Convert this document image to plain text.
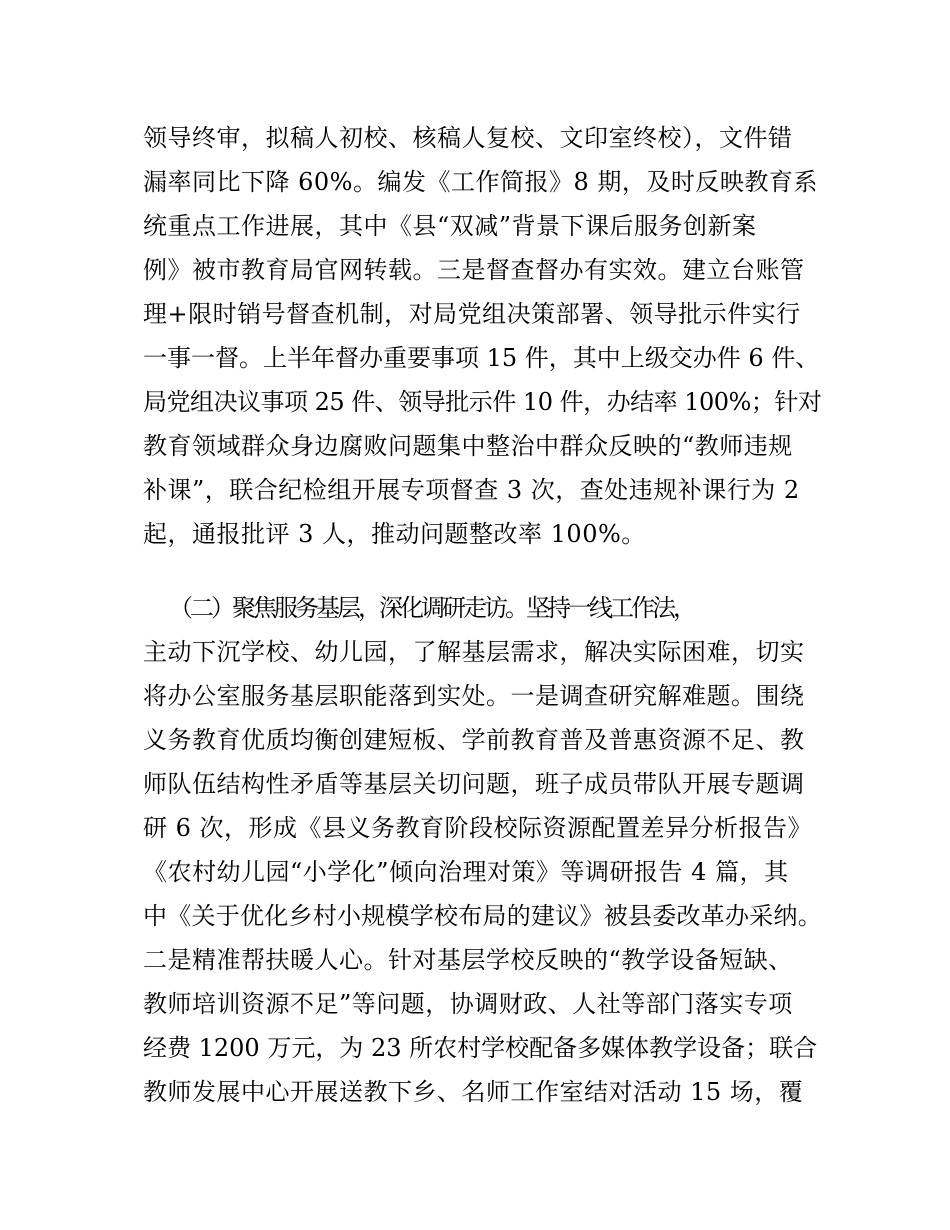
领导终审，拟稿人初校、核稿人复校、文印室终校），文件错
漏率同比下降 60%。编发《工作简报》8 期，及时反映教育系
统重点工作进展，其中《县“双减”背景下课后服务创新案
例》被市教育局官网转载。三是督查督办有实效。建立台账管
理+限时销号督查机制，对局党组决策部署、领导批示件实行
一事一督。上半年督办重要事项 15 件，其中上级交办件 6 件、
局党组决议事项 25 件、领导批示件 10 件，办结率 100%；针对
教育领域群众身边腐败问题集中整治中群众反映的“教师违规
补课”，联合纪检组开展专项督查 3 次，查处违规补课行为 2
起，通报批评 3 人，推动问题整改率 100%。
（二）聚焦服务基层，深化调研走访。坚持一线工作法，
主动下沉学校、幼儿园，了解基层需求，解决实际困难，切实
将办公室服务基层职能落到实处。一是调查研究解难题。围绕
义务教育优质均衡创建短板、学前教育普及普惠资源不足、教
师队伍结构性矛盾等基层关切问题，班子成员带队开展专题调
研 6 次，形成《县义务教育阶段校际资源配置差异分析报告》
《农村幼儿园“小学化”倾向治理对策》等调研报告 4 篇，其
中《关于优化乡村小规模学校布局的建议》被县委改革办采纳。
二是精准帮扶暖人心。针对基层学校反映的“教学设备短缺、
教师培训资源不足”等问题，协调财政、人社等部门落实专项
经费 1200 万元，为 23 所农村学校配备多媒体教学设备；联合
教师发展中心开展送教下乡、名师工作室结对活动 15 场，覆
